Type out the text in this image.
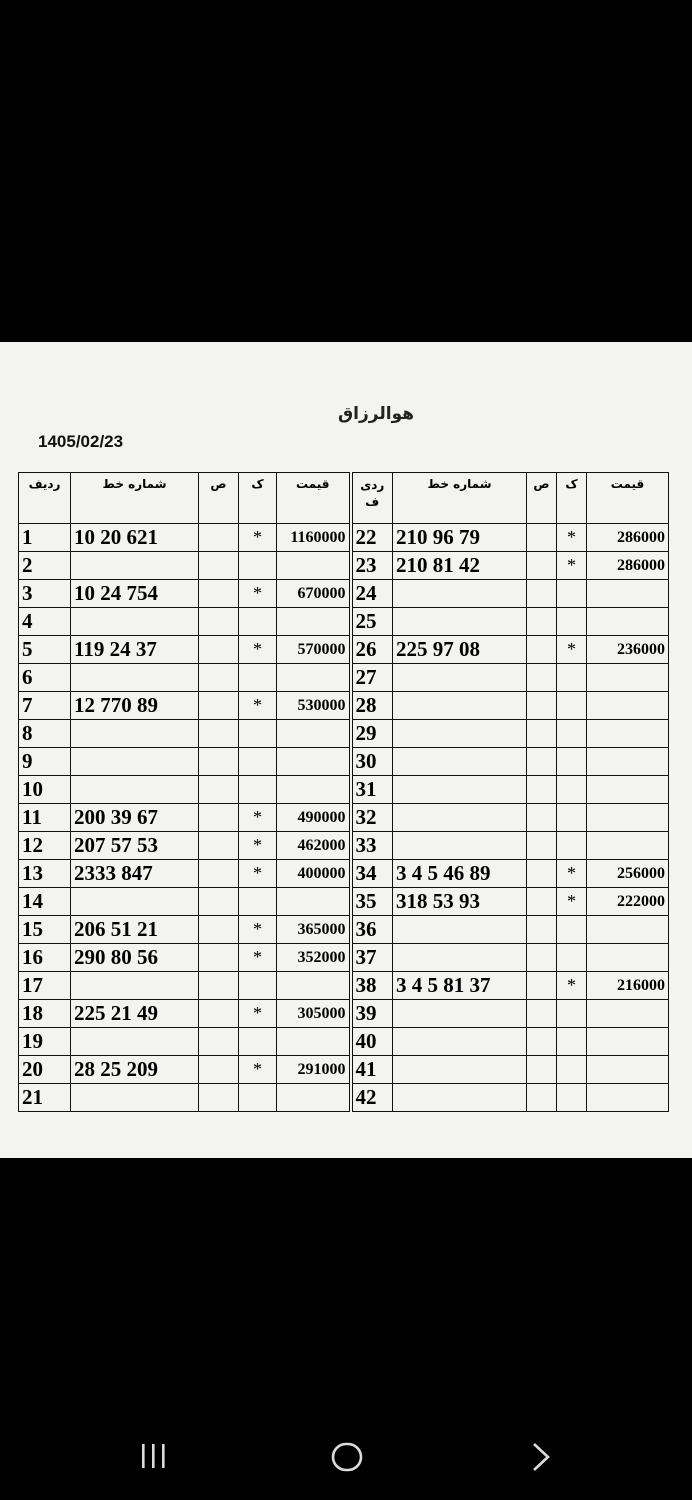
هوالرزاق
1405/02/23
ردیف	شماره خط	ص	ک	قیمت	ردی ف	شماره خط	ص	ک	قیمت
1	10 20 621		*	1160000	22	210 96 79		*	286000
2					23	210 81 42		*	286000
3	10 24 754		*	670000	24				
4					25				
5	119 24 37		*	570000	26	225 97 08		*	236000
6					27				
7	12 770 89		*	530000	28				
8					29				
9					30				
10					31				
11	200 39 67		*	490000	32				
12	207 57 53		*	462000	33				
13	2333 847		*	400000	34	3 4 5 46 89		*	256000
14					35	318 53 93		*	222000
15	206 51 21		*	365000	36				
16	290 80 56		*	352000	37				
17					38	3 4 5 81 37		*	216000
18	225 21 49		*	305000	39				
19					40				
20	28 25 209		*	291000	41				
21					42				
